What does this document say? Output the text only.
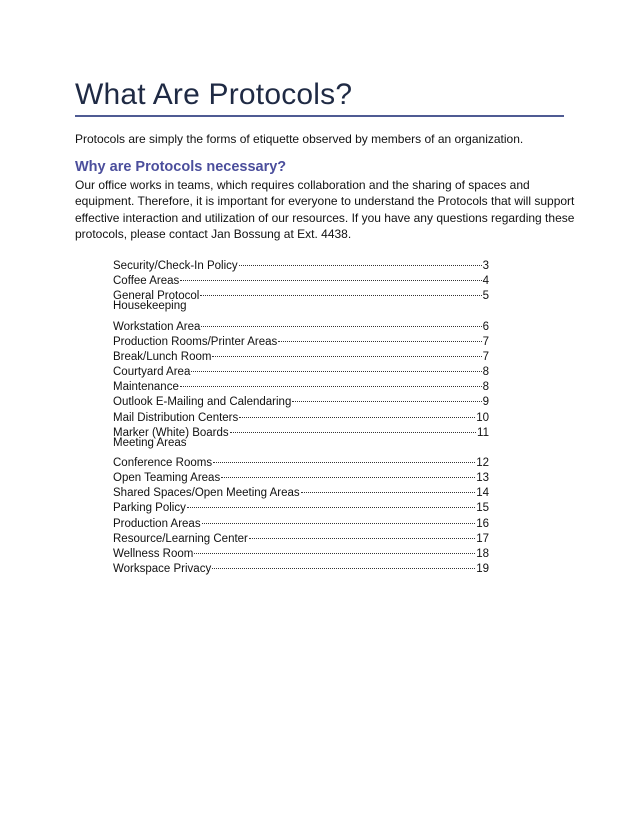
What Are Protocols?
Protocols are simply the forms of etiquette observed by members of an organization.
Why are Protocols necessary?
Our office works in teams, which requires collaboration and the sharing of spaces and
equipment. Therefore, it is important for everyone to understand the Protocols that will support
effective interaction and utilization of our resources. If you have any questions regarding these
protocols, please contact Jan Bossung at Ext. 4438.
Security/Check-In Policy	3
Coffee Areas	4
General Protocol	5
Housekeeping
Workstation Area	6
Production Rooms/Printer Areas	7
Break/Lunch Room	7
Courtyard Area	8
Maintenance	8
Outlook E-Mailing and Calendaring	9
Mail Distribution Centers	10
Marker (White) Boards	11
Meeting Areas
Conference Rooms	12
Open Teaming Areas	13
Shared Spaces/Open Meeting Areas	14
Parking Policy	15
Production Areas	16
Resource/Learning Center	17
Wellness Room	18
Workspace Privacy	19
